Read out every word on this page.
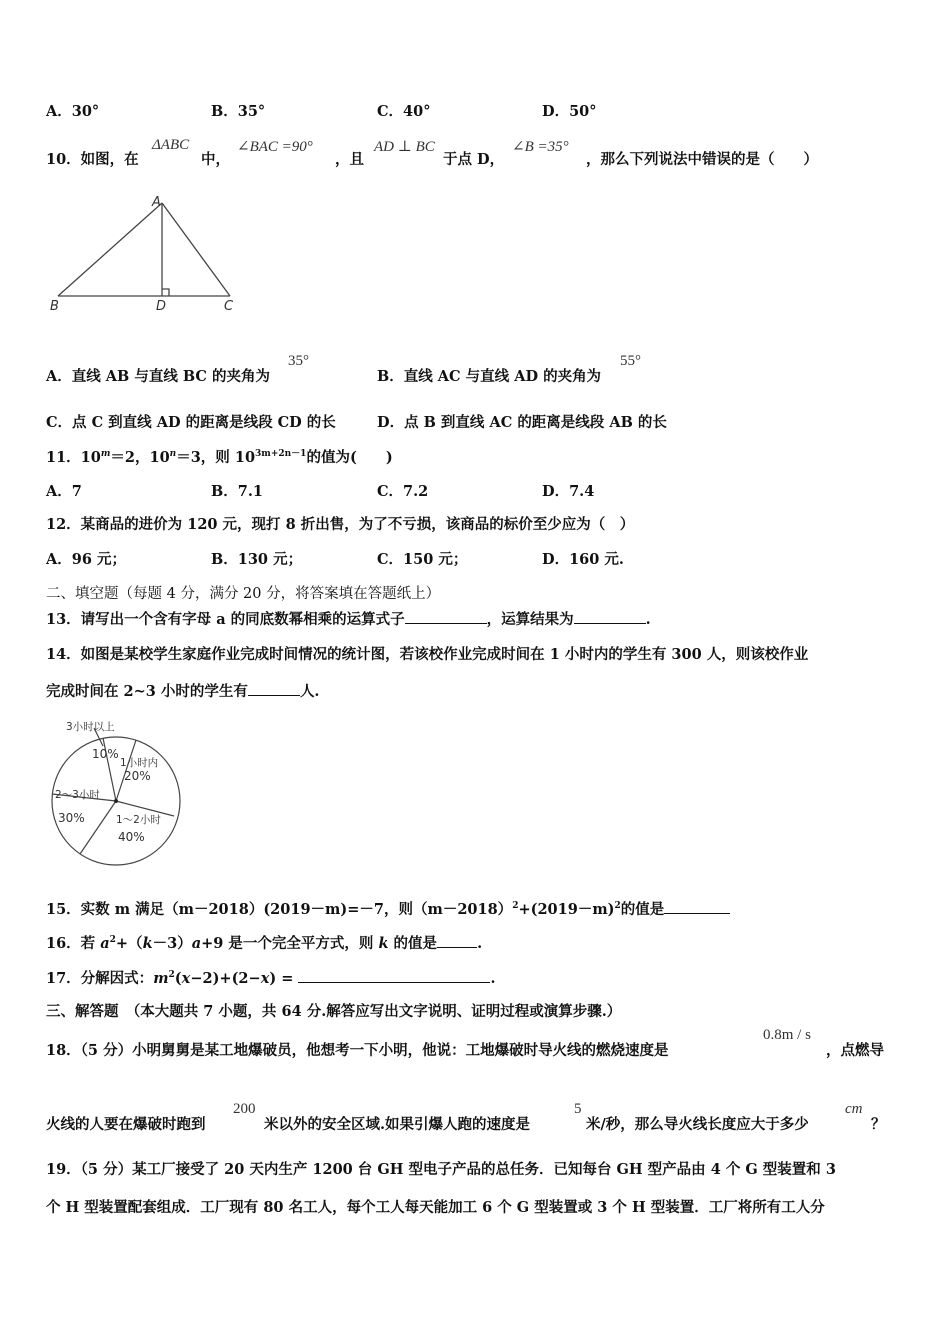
A．30°	B．35°	C．40°	D．50°
10．如图，在
ΔABC
中，
∠BAC =90°
，且
AD ⊥ BC
于点 D，
∠B =35°
，那么下列说法中错误的是（　　）
A
B	D	C
A．直线 AB 与直线 BC 的夹角为
35°
B．直线 AC 与直线 AD 的夹角为
55°
C．点 C 到直线 AD 的距离是线段 CD 的长	D．点 B 到直线 AC 的距离是线段 AB 的长
11．$10^m=2$，$10^n=3$，则 $10^{3m+2n-1}$的值为(　　)
A．7	B．7.1	C．7.2	D．7.4
12．某商品的进价为 120 元，现打 8 折出售，为了不亏损，该商品的标价至少应为（　）
A．96 元；	B．130 元；	C．150 元；	D．160 元.
二、填空题（每题 4 分，满分 20 分，将答案填在答题纸上）
13．请写出一个含有字母 a 的同底数幂相乘的运算式子	，运算结果为	.
14．如图是某校学生家庭作业完成时间情况的统计图，若该校作业完成时间在 1 小时内的学生有 300 人，则该校作业
完成时间在 2~3 小时的学生有	人.
3小时以上
10%
1小时内
20%
2～3小时
30%	1～2小时
40%
15．实数 m 满足（m－2018）(2019－m)=－7，则$(m-2018)^2+(2019-m)^2$的值是
16．若 $a^2+(k-3)a+9$ 是一个完全平方式，则 k 的值是	.
17．分解因式：$m^2(x-2)+(2-x)$ =	.
三、解答题　（本大题共 7 小题，共 64 分.解答应写出文字说明、证明过程或演算步骤.）
18．（5 分）小明舅舅是某工地爆破员，他想考一下小明，他说：工地爆破时导火线的燃烧速度是
0.8m / s
，点燃导
火线的人要在爆破时跑到
200
米以外的安全区域.如果引爆人跑的速度是
5
米/秒，那么导火线长度应大于多少
cm
？
19．（5 分）某工厂接受了 20 天内生产 1200 台 GH 型电子产品的总任务．已知每台 GH 型产品由 4 个 G 型装置和 3
个 H 型装置配套组成．工厂现有 80 名工人，每个工人每天能加工 6 个 G 型装置或 3 个 H 型装置．工厂将所有工人分
